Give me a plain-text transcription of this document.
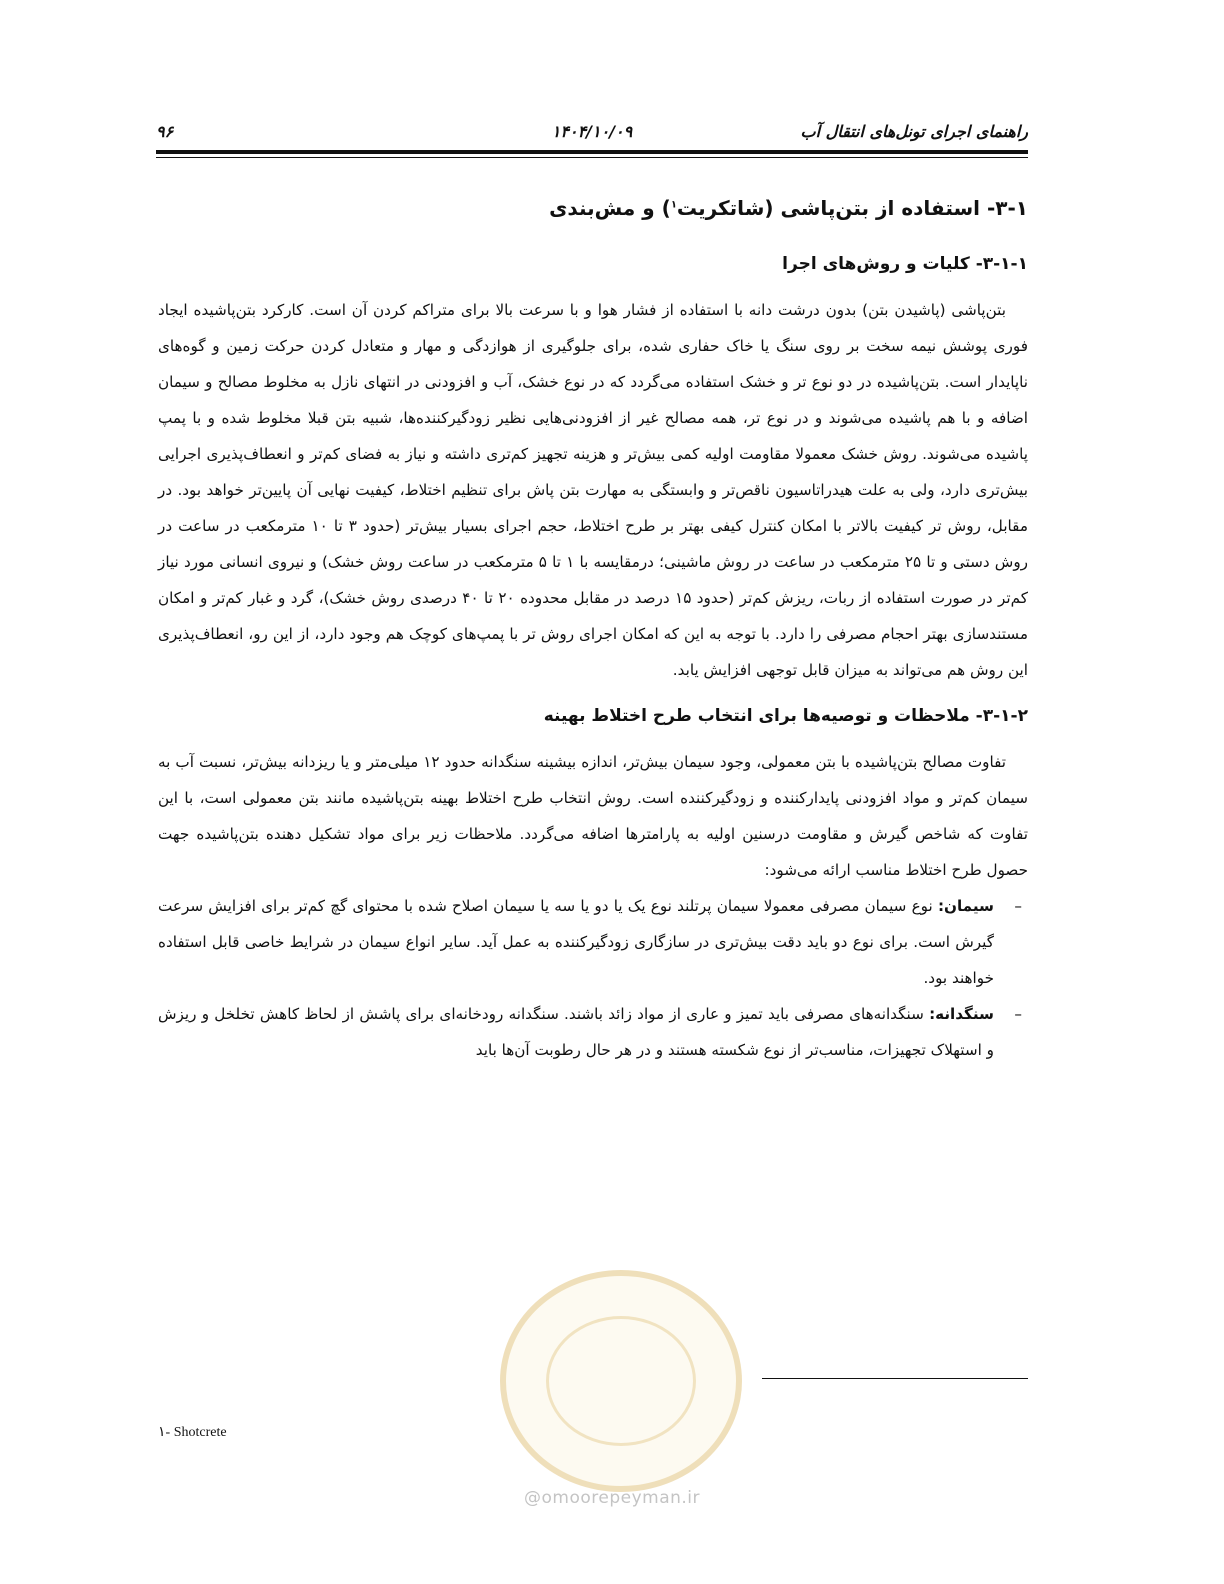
راهنمای اجرای تونل‌های انتقال آب
۱۴۰۴/۱۰/۰۹
۹۶
۳-۱- استفاده از بتن‌پاشی (شاتکریت$^۱$) و مش‌بندی
۳-۱-۱- کلیات و روش‌های اجرا

بتن‌پاشی (پاشیدن بتن) بدون درشت دانه با استفاده از فشار هوا و با سرعت بالا برای متراکم کردن آن است. کارکرد بتن‌پاشیده ایجاد فوری پوشش نیمه سخت بر روی سنگ یا خاک حفاری شده، برای جلوگیری از هوازدگی و مهار و متعادل کردن حرکت زمین و گوه‌های ناپایدار است. بتن‌پاشیده در دو نوع تر و خشک استفاده می‌گردد که در نوع خشک، آب و افزودنی در انتهای نازل به مخلوط مصالح و سیمان اضافه و با هم پاشیده می‌شوند و در نوع تر، همه مصالح غیر از افزودنی‌هایی نظیر زودگیرکننده‌ها، شبیه بتن قبلا مخلوط شده و با پمپ پاشیده می‌شوند. روش خشک معمولا مقاومت اولیه کمی بیش‌تر و هزینه تجهیز کم‌تری داشته و نیاز به فضای کم‌تر و انعطاف‌پذیری اجرایی بیش‌تری دارد، ولی به علت هیدراتاسیون ناقص‌تر و وابستگی به مهارت بتن پاش برای تنظیم اختلاط، کیفیت نهایی آن پایین‌تر خواهد بود. در مقابل، روش تر کیفیت بالاتر با امکان کنترل کیفی بهتر بر طرح اختلاط، حجم اجرای بسیار بیش‌تر (حدود ۳ تا ۱۰ مترمکعب در ساعت در روش دستی و تا ۲۵ مترمکعب در ساعت در روش ماشینی؛ درمقایسه با ۱ تا ۵ مترمکعب در ساعت روش خشک) و نیروی انسانی مورد نیاز کم‌تر در صورت استفاده از ربات، ریزش کم‌تر (حدود ۱۵ درصد در مقابل محدوده ۲۰ تا ۴۰ درصدی روش خشک)، گرد و غبار کم‌تر و امکان مستندسازی بهتر احجام مصرفی را دارد. با توجه به این که امکان اجرای روش تر با پمپ‌های کوچک هم وجود دارد، از این رو، انعطاف‌پذیری این روش هم می‌تواند به میزان قابل توجهی افزایش یابد.

۳-۱-۲- ملاحظات و توصیه‌ها برای انتخاب طرح اختلاط بهینه

تفاوت مصالح بتن‌پاشیده با بتن معمولی، وجود سیمان بیش‌تر، اندازه بیشینه سنگدانه حدود ۱۲ میلی‌متر و یا ریزدانه بیش‌تر، نسبت آب به سیمان کم‌تر و مواد افزودنی پایدارکننده و زودگیرکننده است. روش انتخاب طرح اختلاط بهینه بتن‌پاشیده مانند بتن معمولی است، با این تفاوت که شاخص گیرش و مقاومت درسنین اولیه به پارامترها اضافه می‌گردد. ملاحظات زیر برای مواد تشکیل دهنده بتن‌پاشیده جهت حصول طرح اختلاط مناسب ارائه می‌شود:

–
سیمان: نوع سیمان مصرفی معمولا سیمان پرتلند نوع یک یا دو یا سه یا سیمان اصلاح شده با محتوای گچ کم‌تر برای افزایش سرعت گیرش است. برای نوع دو باید دقت بیش‌تری در سازگاری زودگیرکننده به عمل آید. سایر انواع سیمان در شرایط خاصی قابل استفاده خواهند بود.
–
سنگدانه: سنگدانه‌های مصرفی باید تمیز و عاری از مواد زائد باشند. سنگدانه رودخانه‌ای برای پاشش از لحاظ کاهش تخلخل و ریزش و استهلاک تجهیزات، مناسب‌تر از نوع شکسته هستند و در هر حال رطوبت آن‌ها باید
۱- Shotcrete
@omoorepeyman.ir
